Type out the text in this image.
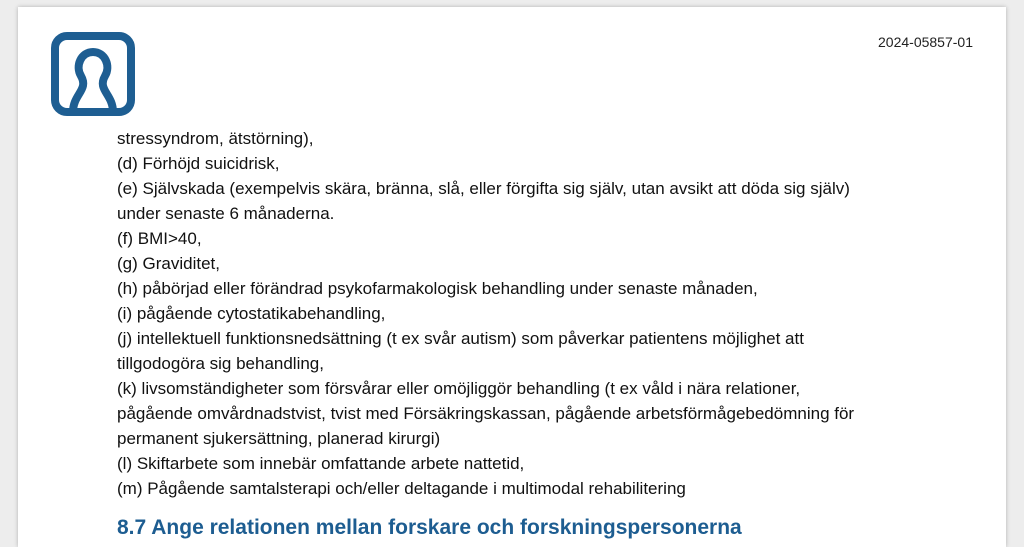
2024-05857-01
stressyndrom, ätstörning),
(d) Förhöjd suicidrisk,
(e) Självskada (exempelvis skära, bränna, slå, eller förgifta sig själv, utan avsikt att döda sig själv)
under senaste 6 månaderna.
(f) BMI>40,
(g) Graviditet,
(h) påbörjad eller förändrad psykofarmakologisk behandling under senaste månaden,
(i) pågående cytostatikabehandling,
(j) intellektuell funktionsnedsättning (t ex svår autism) som påverkar patientens möjlighet att
tillgodogöra sig behandling,
(k) livsomständigheter som försvårar eller omöjliggör behandling (t ex våld i nära relationer,
pågående omvårdnadstvist, tvist med Försäkringskassan, pågående arbetsförmågebedömning för
permanent sjukersättning, planerad kirurgi)
(l) Skiftarbete som innebär omfattande arbete nattetid,
(m) Pågående samtalsterapi och/eller deltagande i multimodal rehabilitering
8.7 Ange relationen mellan forskare och forskningspersonerna
